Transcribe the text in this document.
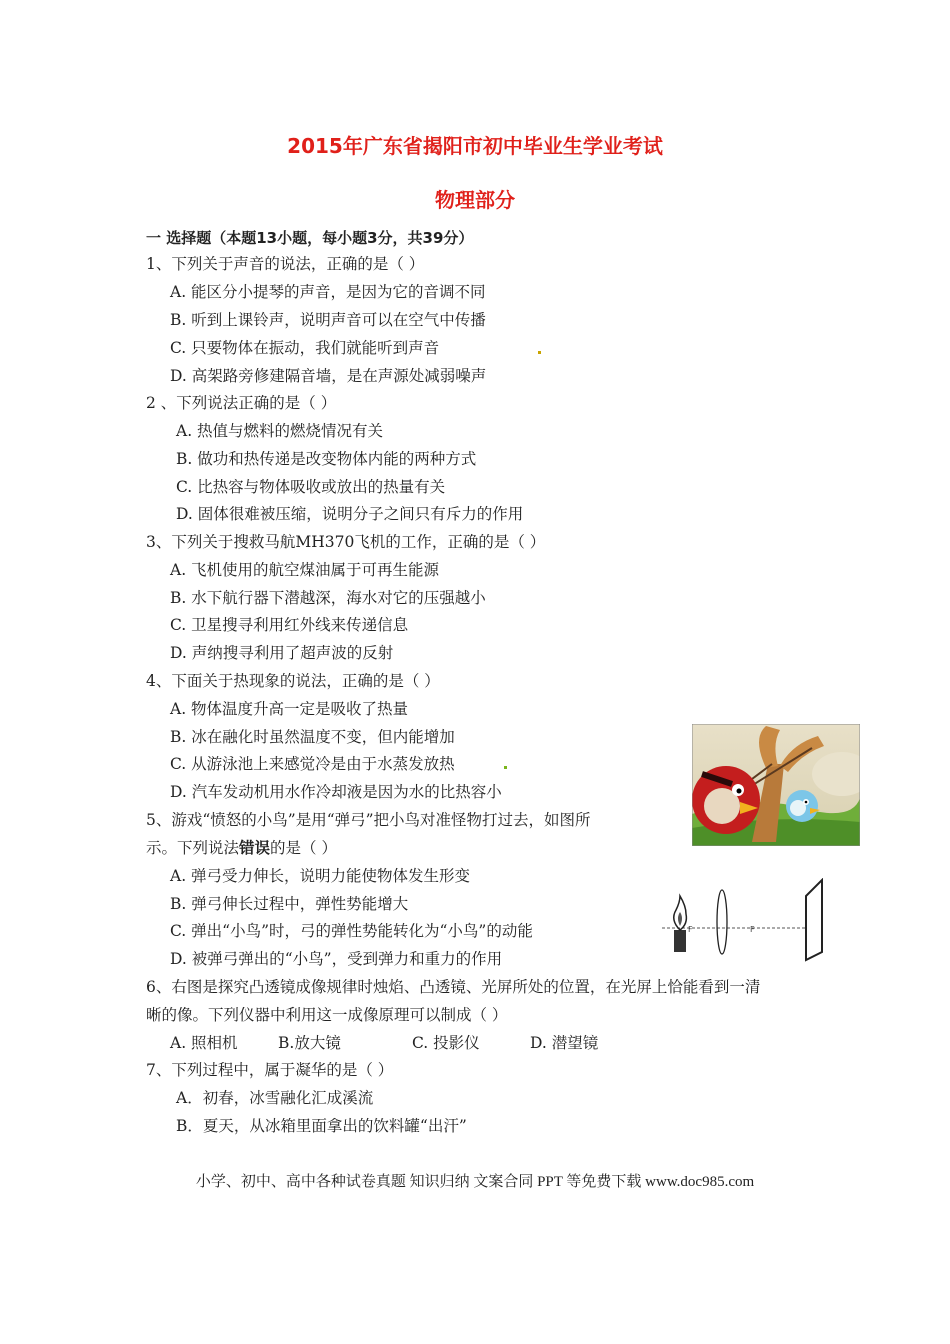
2015年广东省揭阳市初中毕业生学业考试
物理部分
一 选择题（本题13小题，每小题3分，共39分）
1、下列关于声音的说法，正确的是（ ）
A. 能区分小提琴的声音，是因为它的音调不同
B. 听到上课铃声，说明声音可以在空气中传播
C. 只要物体在振动，我们就能听到声音
D. 高架路旁修建隔音墙，是在声源处减弱噪声
2 、下列说法正确的是（ ）
A. 热值与燃料的燃烧情况有关
B. 做功和热传递是改变物体内能的两种方式
C. 比热容与物体吸收或放出的热量有关
D. 固体很难被压缩，说明分子之间只有斥力的作用
3、下列关于搜救马航MH370飞机的工作，正确的是（ ）
A. 飞机使用的航空煤油属于可再生能源
B. 水下航行器下潜越深，海水对它的压强越小
C. 卫星搜寻利用红外线来传递信息
D. 声纳搜寻利用了超声波的反射
4、下面关于热现象的说法，正确的是（ ）
A. 物体温度升高一定是吸收了热量
B. 冰在融化时虽然温度不变，但内能增加
C. 从游泳池上来感觉冷是由于水蒸发放热
D. 汽车发动机用水作冷却液是因为水的比热容小
5、游戏“愤怒的小鸟”是用“弹弓”把小鸟对准怪物打过去，如图所
示。下列说法错误的是（ ）
A. 弹弓受力伸长，说明力能使物体发生形变
B. 弹弓伸长过程中，弹性势能增大
C. 弹出“小鸟”时，弓的弹性势能转化为“小鸟”的动能
D. 被弹弓弹出的“小鸟”，受到弹力和重力的作用
F	F
6、右图是探究凸透镜成像规律时烛焰、凸透镜、光屏所处的位置，在光屏上恰能看到一清
晰的像。下列仪器中利用这一成像原理可以制成（ ）
A. 照相机	B.放大镜	C. 投影仪	D. 潜望镜
7、下列过程中，属于凝华的是（ ）
A．初春，冰雪融化汇成溪流
B．夏天，从冰箱里面拿出的饮料罐“出汗”
小学、初中、高中各种试卷真题 知识归纳 文案合同 PPT 等免费下载 www.doc985.com
